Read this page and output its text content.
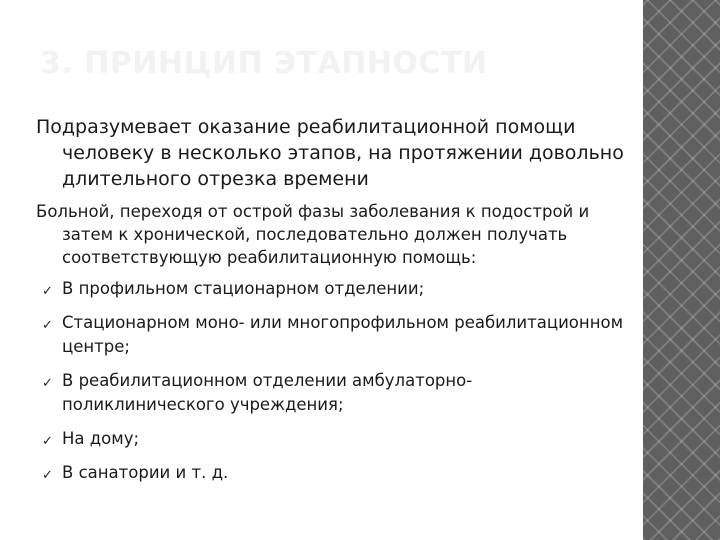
3. ПРИНЦИП ЭТАПНОСТИ

Подразумевает оказание реабилитационной помощи человеку в несколько этапов, на протяжении довольно длительного отрезка времени

Больной, переходя от острой фазы заболевания к подострой и затем к хронической, последовательно должен получать соответствующую реабилитационную помощь:

✓ В профильном стационарном отделении;
✓ Стационарном моно- или многопрофильном реабилитационном центре;
✓ В реабилитационном отделении амбулаторно-поликлинического учреждения;
✓ На дому;
✓ В санатории и т. д.
